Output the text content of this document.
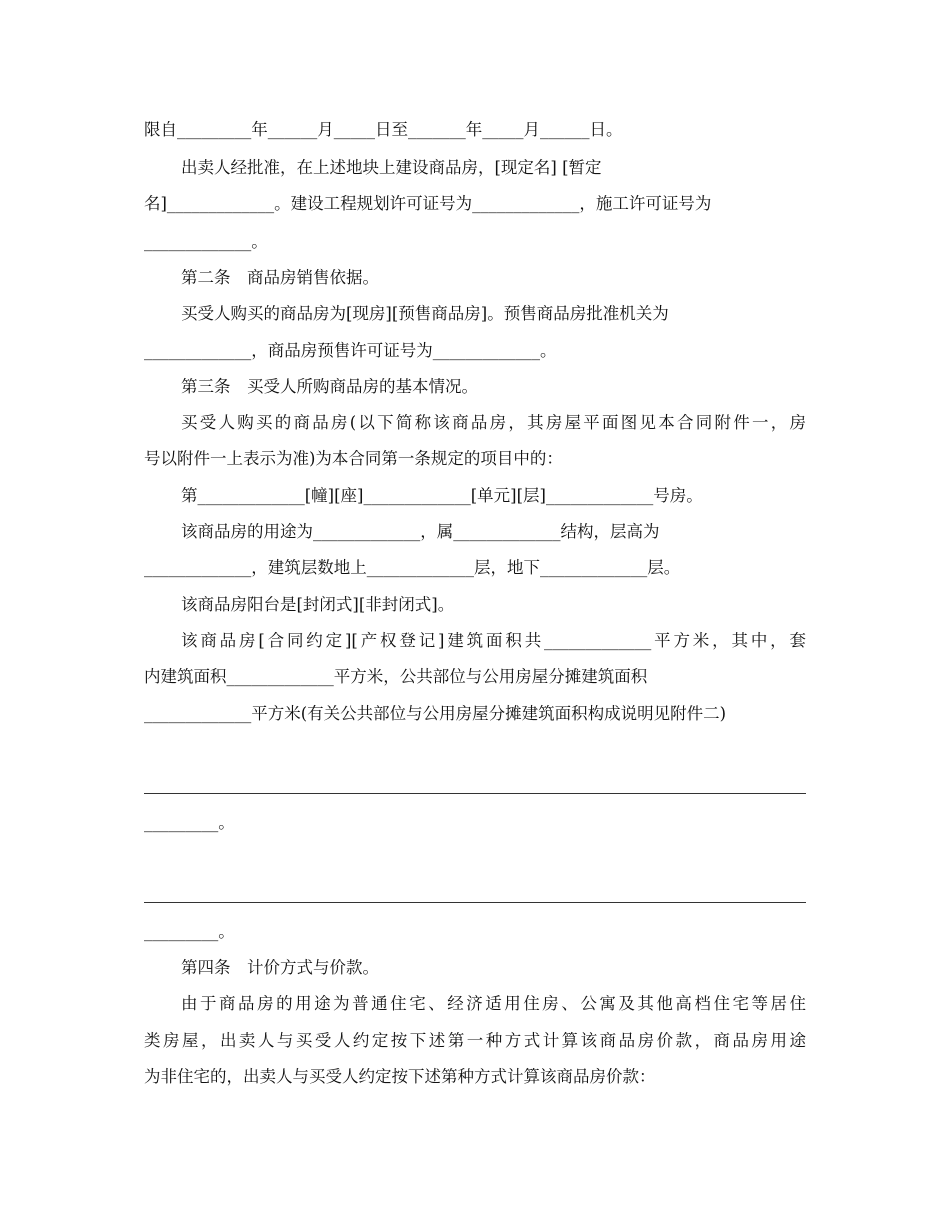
限自_________年______月_____日至_______年_____月______日。
出卖人经批准，在上述地块上建设商品房，[现定名] [暂定
名]_____________。建设工程规划许可证号为_____________，施工许可证号为
_____________。
第二条　商品房销售依据。
买受人购买的商品房为[现房][预售商品房]。预售商品房批准机关为
_____________，商品房预售许可证号为_____________。
第三条　买受人所购商品房的基本情况。
买受人购买的商品房(以下简称该商品房，其房屋平面图见本合同附件一，房
号以附件一上表示为准)为本合同第一条规定的项目中的：
第_____________[幢][座]_____________[单元][层]_____________号房。
该商品房的用途为_____________，属_____________结构，层高为
_____________，建筑层数地上_____________层，地下_____________层。
该商品房阳台是[封闭式][非封闭式]。
该商品房[合同约定][产权登记]建筑面积共_____________平方米，其中，套
内建筑面积_____________平方米，公共部位与公用房屋分摊建筑面积
_____________平方米(有关公共部位与公用房屋分摊建筑面积构成说明见附件二)
_________。
_________。
第四条　计价方式与价款。
由于商品房的用途为普通住宅、经济适用住房、公寓及其他高档住宅等居住
类房屋，出卖人与买受人约定按下述第一种方式计算该商品房价款，商品房用途
为非住宅的，出卖人与买受人约定按下述第种方式计算该商品房价款：
